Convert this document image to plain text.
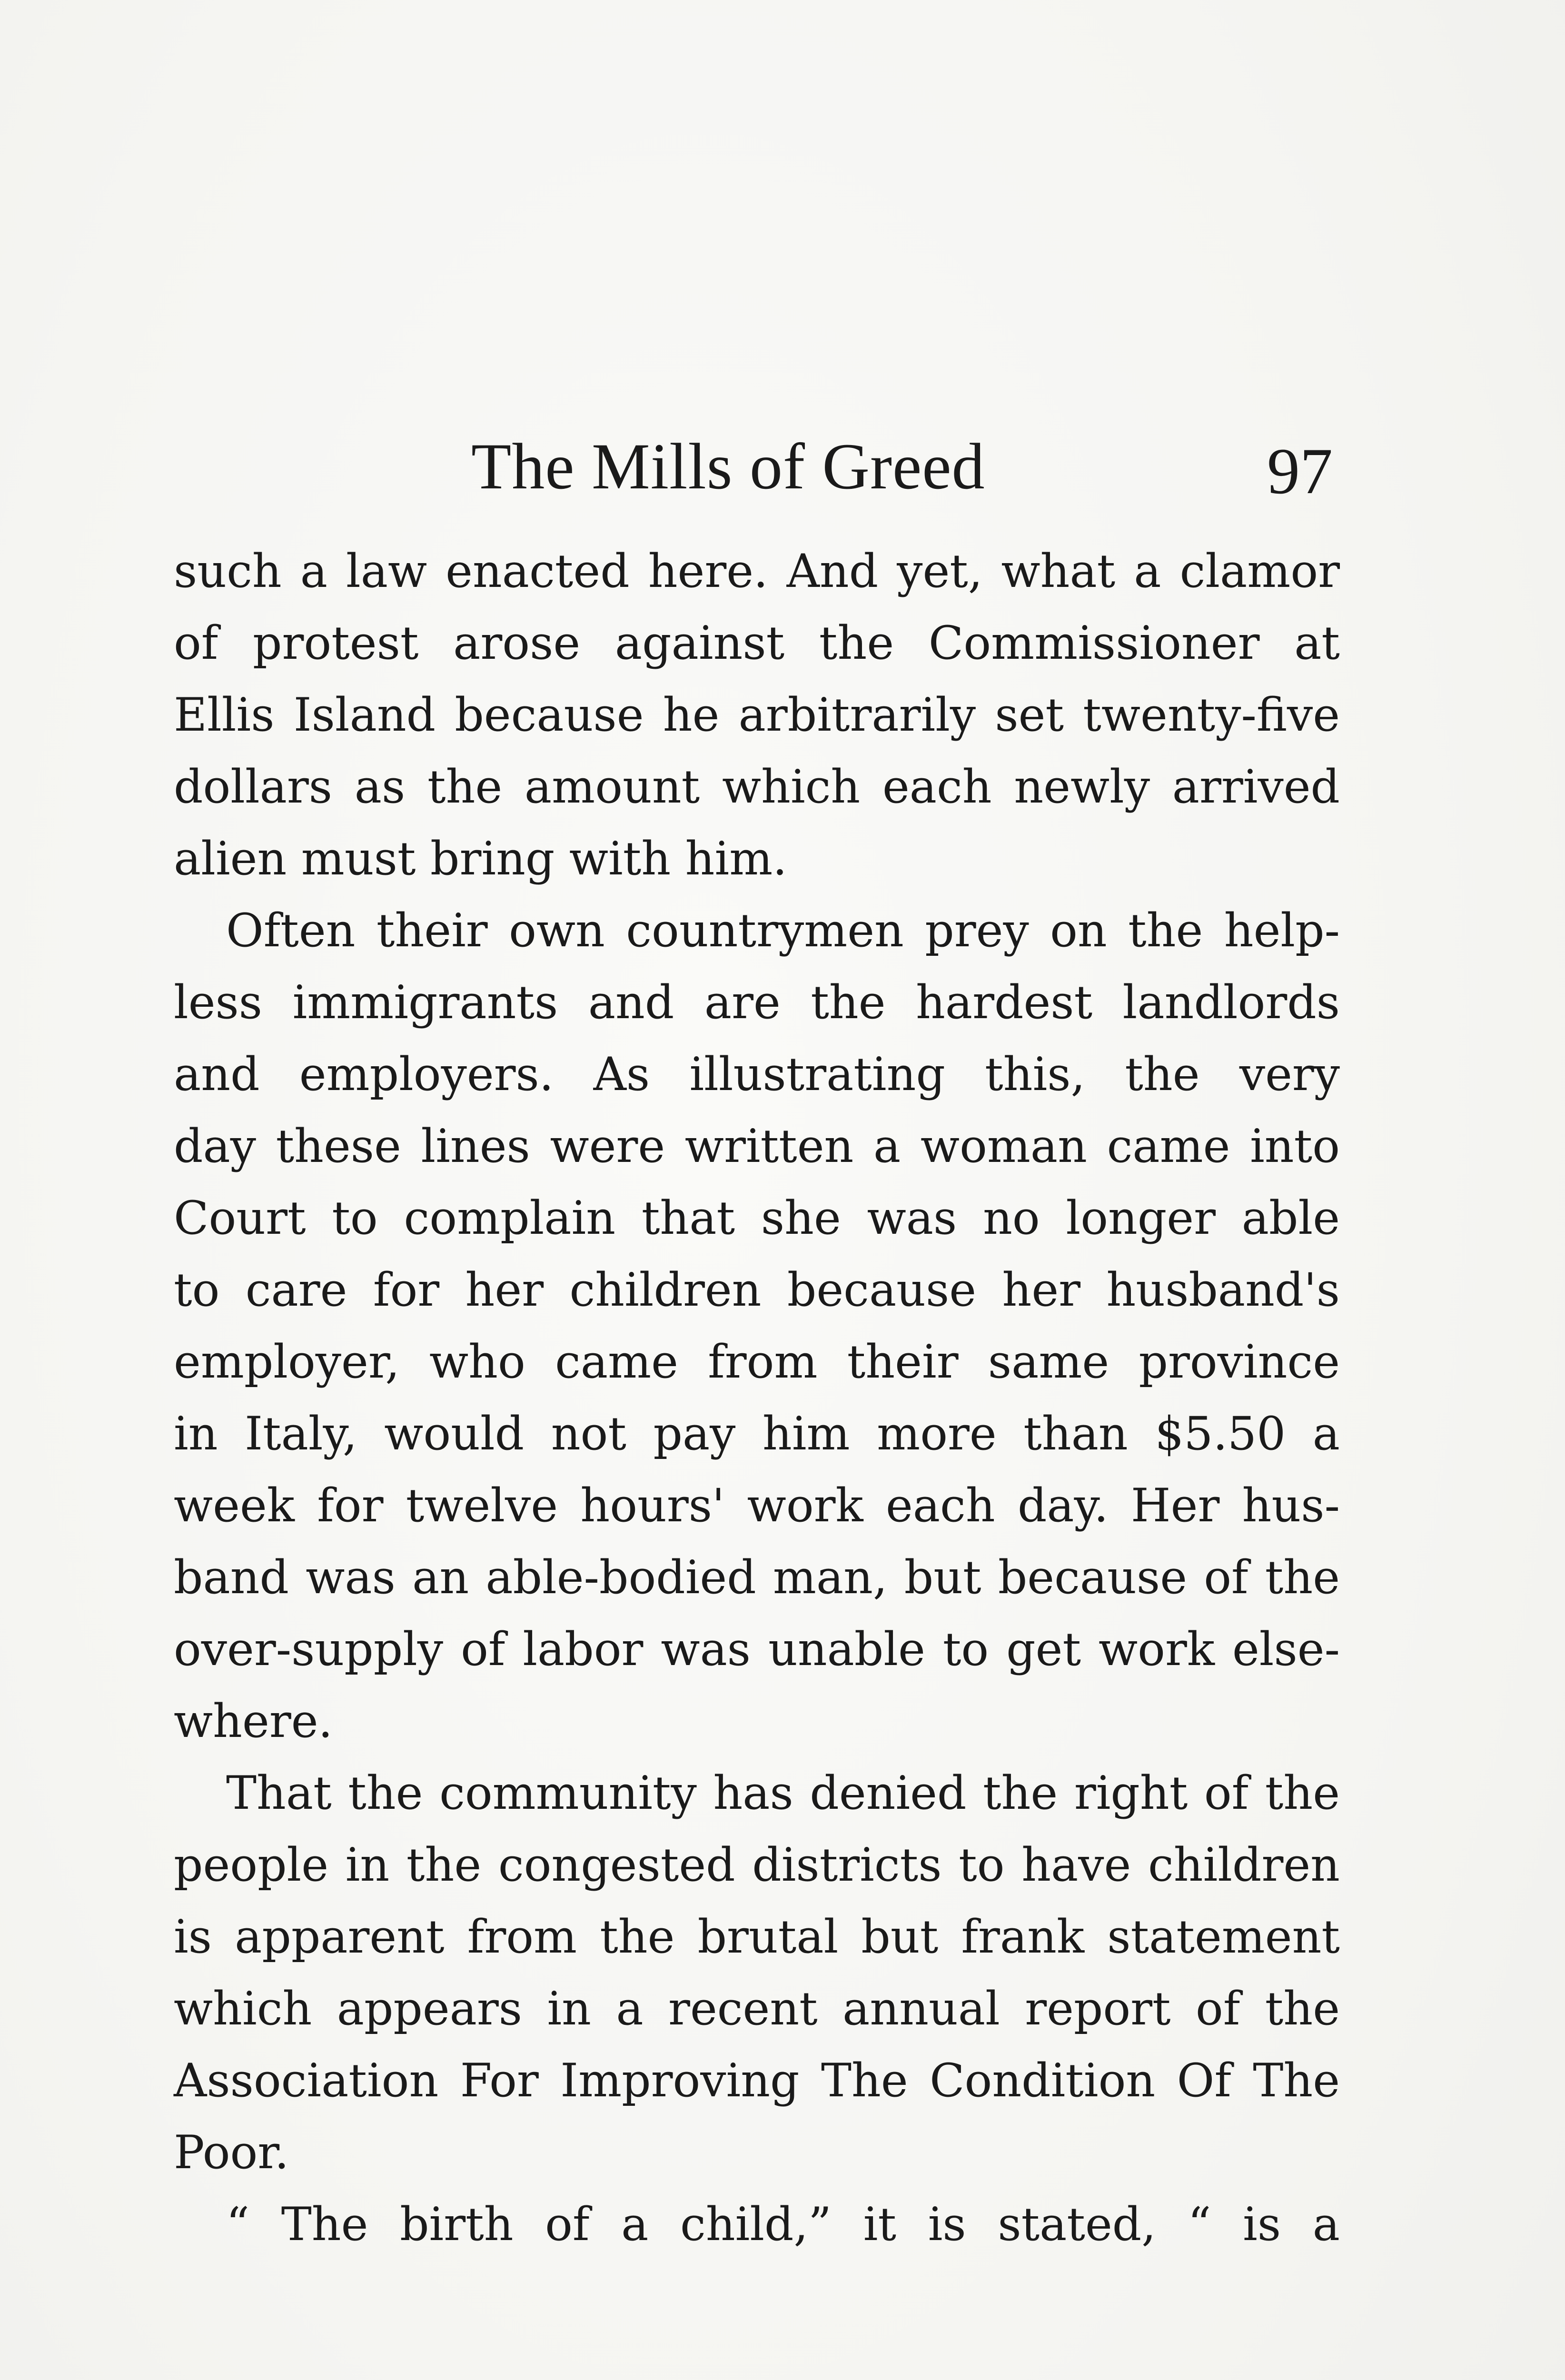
The Mills of Greed	97
such a law enacted here. And yet, what a clamor
of protest arose against the Commissioner at
Ellis Island because he arbitrarily set twenty-five
dollars as the amount which each newly arrived
alien must bring with him.
Often their own countrymen prey on the help-
less immigrants and are the hardest landlords
and employers. As illustrating this, the very
day these lines were written a woman came into
Court to complain that she was no longer able
to care for her children because her husband's
employer, who came from their same province
in Italy, would not pay him more than $5.50 a
week for twelve hours' work each day. Her hus-
band was an able-bodied man, but because of the
over-supply of labor was unable to get work else-
where.
That the community has denied the right of the
people in the congested districts to have children
is apparent from the brutal but frank statement
which appears in a recent annual report of the
Association For Improving The Condition Of The
Poor.
“ The birth of a child,” it is stated, “ is a
